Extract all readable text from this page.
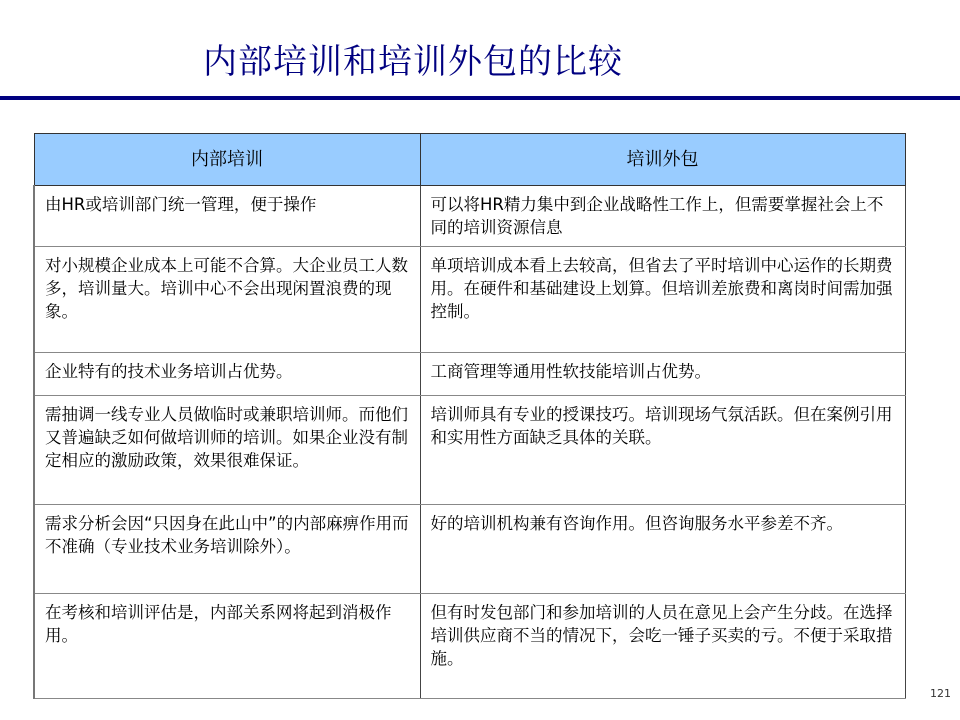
内部培训和培训外包的比较
内部培训	培训外包
由HR或培训部门统一管理，便于操作	可以将HR精力集中到企业战略性工作上，但需要掌握社会上不同的培训资源信息
对小规模企业成本上可能不合算。大企业员工人数多，培训量大。培训中心不会出现闲置浪费的现象。	单项培训成本看上去较高，但省去了平时培训中心运作的长期费用。在硬件和基础建设上划算。但培训差旅费和离岗时间需加强控制。
企业特有的技术业务培训占优势。	工商管理等通用性软技能培训占优势。
需抽调一线专业人员做临时或兼职培训师。而他们又普遍缺乏如何做培训师的培训。如果企业没有制定相应的激励政策，效果很难保证。	培训师具有专业的授课技巧。培训现场气氛活跃。但在案例引用和实用性方面缺乏具体的关联。
需求分析会因“只因身在此山中”的内部麻痹作用而不准确（专业技术业务培训除外）。	好的培训机构兼有咨询作用。但咨询服务水平参差不齐。
在考核和培训评估是，内部关系网将起到消极作用。	但有时发包部门和参加培训的人员在意见上会产生分歧。在选择培训供应商不当的情况下，会吃一锤子买卖的亏。不便于采取措施。
121
